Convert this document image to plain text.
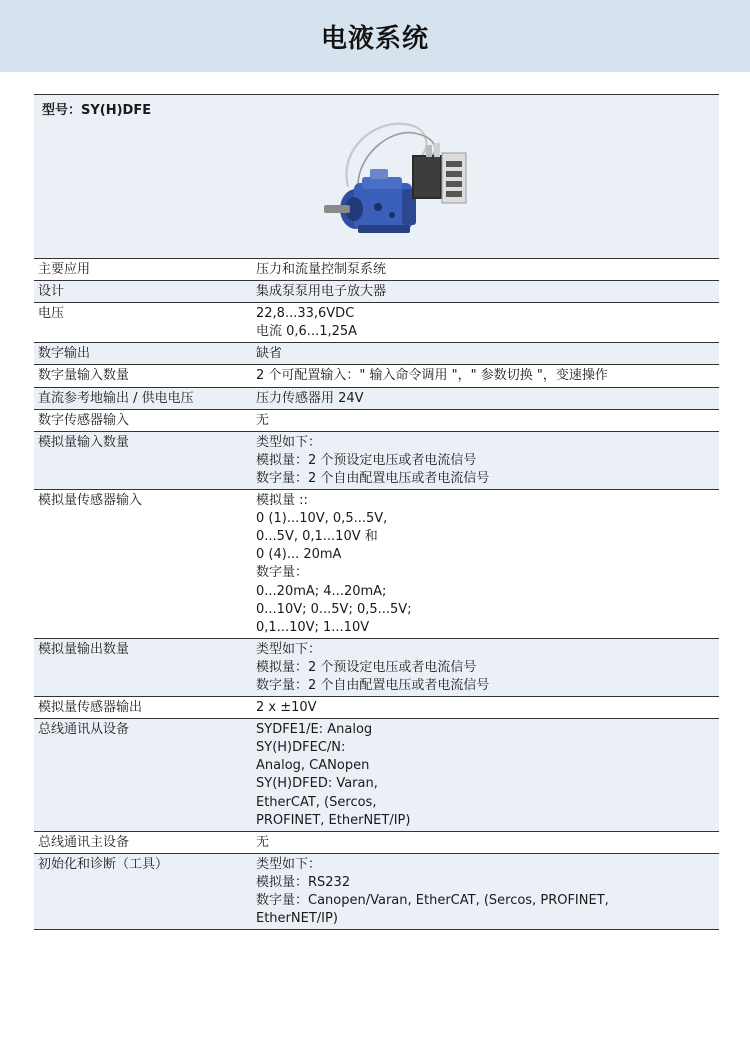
电液系统
型号：SY(H)DFE
主要应用	压力和流量控制泵系统
设计	集成泵泵用电子放大器
电压	22,8...33,6VDC
电流 0,6...1,25A
数字输出	缺省
数字量输入数量	2 个可配置输入：" 输入命令调用 "，" 参数切换 "，变速操作
直流参考地输出 / 供电电压	压力传感器用 24V
数字传感器输入	无
模拟量输入数量	类型如下：
模拟量：2 个预设定电压或者电流信号
数字量：2 个自由配置电压或者电流信号
模拟量传感器输入	模拟量 ::
0 (1)...10V, 0,5...5V,
0...5V, 0,1...10V 和
0 (4)... 20mA
数字量：
0...20mA; 4...20mA;
0...10V; 0...5V; 0,5...5V;
0,1...10V; 1...10V
模拟量输出数量	类型如下：
模拟量：2 个预设定电压或者电流信号
数字量：2 个自由配置电压或者电流信号
模拟量传感器输出	2 x ±10V
总线通讯从设备	SYDFE1/E: Analog
SY(H)DFEC/N:
Analog, CANopen
SY(H)DFED: Varan,
EtherCAT, (Sercos,
PROFINET, EtherNET/IP)
总线通讯主设备	无
初始化和诊断（工具）	类型如下：
模拟量：RS232
数字量：Canopen/Varan, EtherCAT, (Sercos, PROFINET,
EtherNET/IP)
